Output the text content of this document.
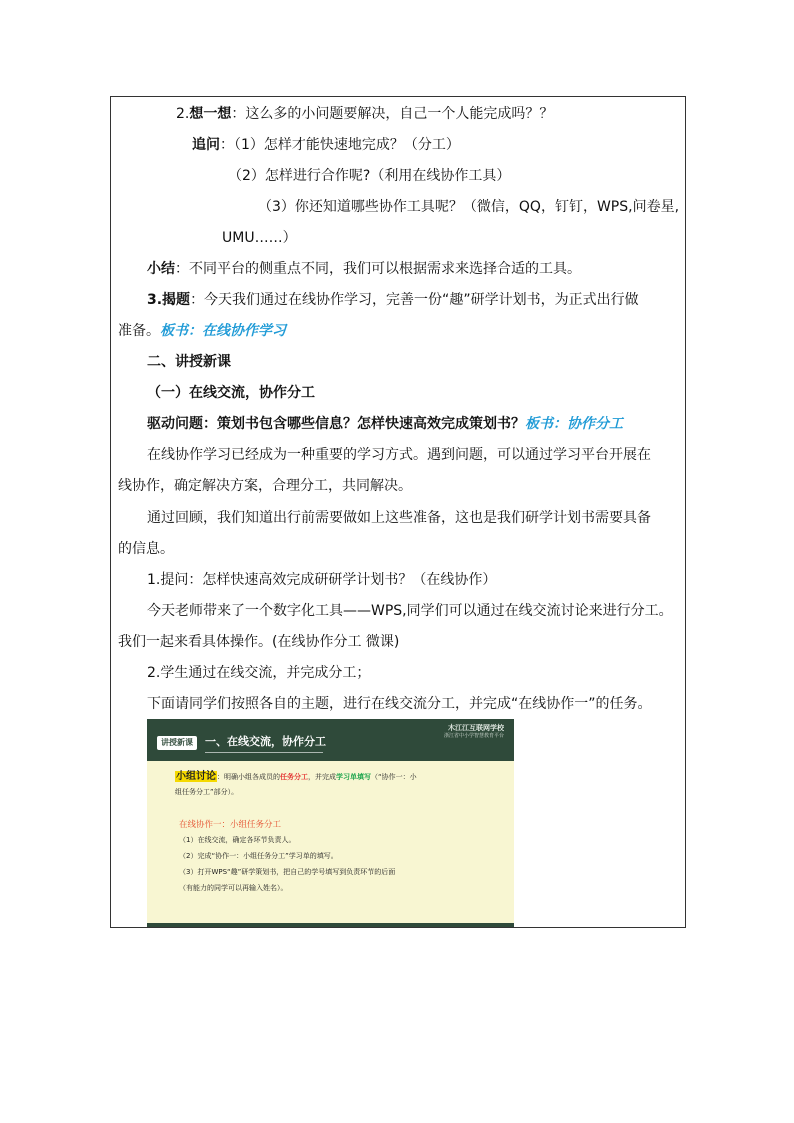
2.想一想：这么多的小问题要解决，自己一个人能完成吗？？
追问：（1）怎样才能快速地完成？（分工）
（2）怎样进行合作呢?（利用在线协作工具）
（3）你还知道哪些协作工具呢？（微信，QQ，钉钉，WPS,问卷星,
UMU……）
小结：不同平台的侧重点不同，我们可以根据需求来选择合适的工具。
3.揭题：今天我们通过在线协作学习，完善一份“趣”研学计划书，为正式出行做
准备。板书：在线协作学习
二、讲授新课
（一）在线交流，协作分工
驱动问题：策划书包含哪些信息？怎样快速高效完成策划书？板书：协作分工
在线协作学习已经成为一种重要的学习方式。遇到问题，可以通过学习平台开展在
线协作，确定解决方案，合理分工，共同解决。
通过回顾，我们知道出行前需要做如上这些准备，这也是我们研学计划书需要具备
的信息。
1.提问：怎样快速高效完成研研学计划书？（在线协作）
今天老师带来了一个数字化工具——WPS,同学们可以通过在线交流讨论来进行分工。
我们一起来看具体操作。(在线协作分工 微课)
2.学生通过在线交流，并完成分工；
下面请同学们按照各自的主题，进行在线交流分工，并完成“在线协作一”的任务。
讲授新课	一、在线交流，协作分工
木江江互联网学校
浙江省中小学智慧教育平台
小组讨论：明确小组各成员的任务分工，并完成学习单填写（“协作一：小
组任务分工”部分）。
在线协作一：小组任务分工
（1）在线交流，确定各环节负责人。
（2）完成“协作一：小组任务分工”学习单的填写。
（3）打开WPS“趣”研学策划书，把自己的学号填写到负责环节的后面
（有能力的同学可以再输入姓名）。
